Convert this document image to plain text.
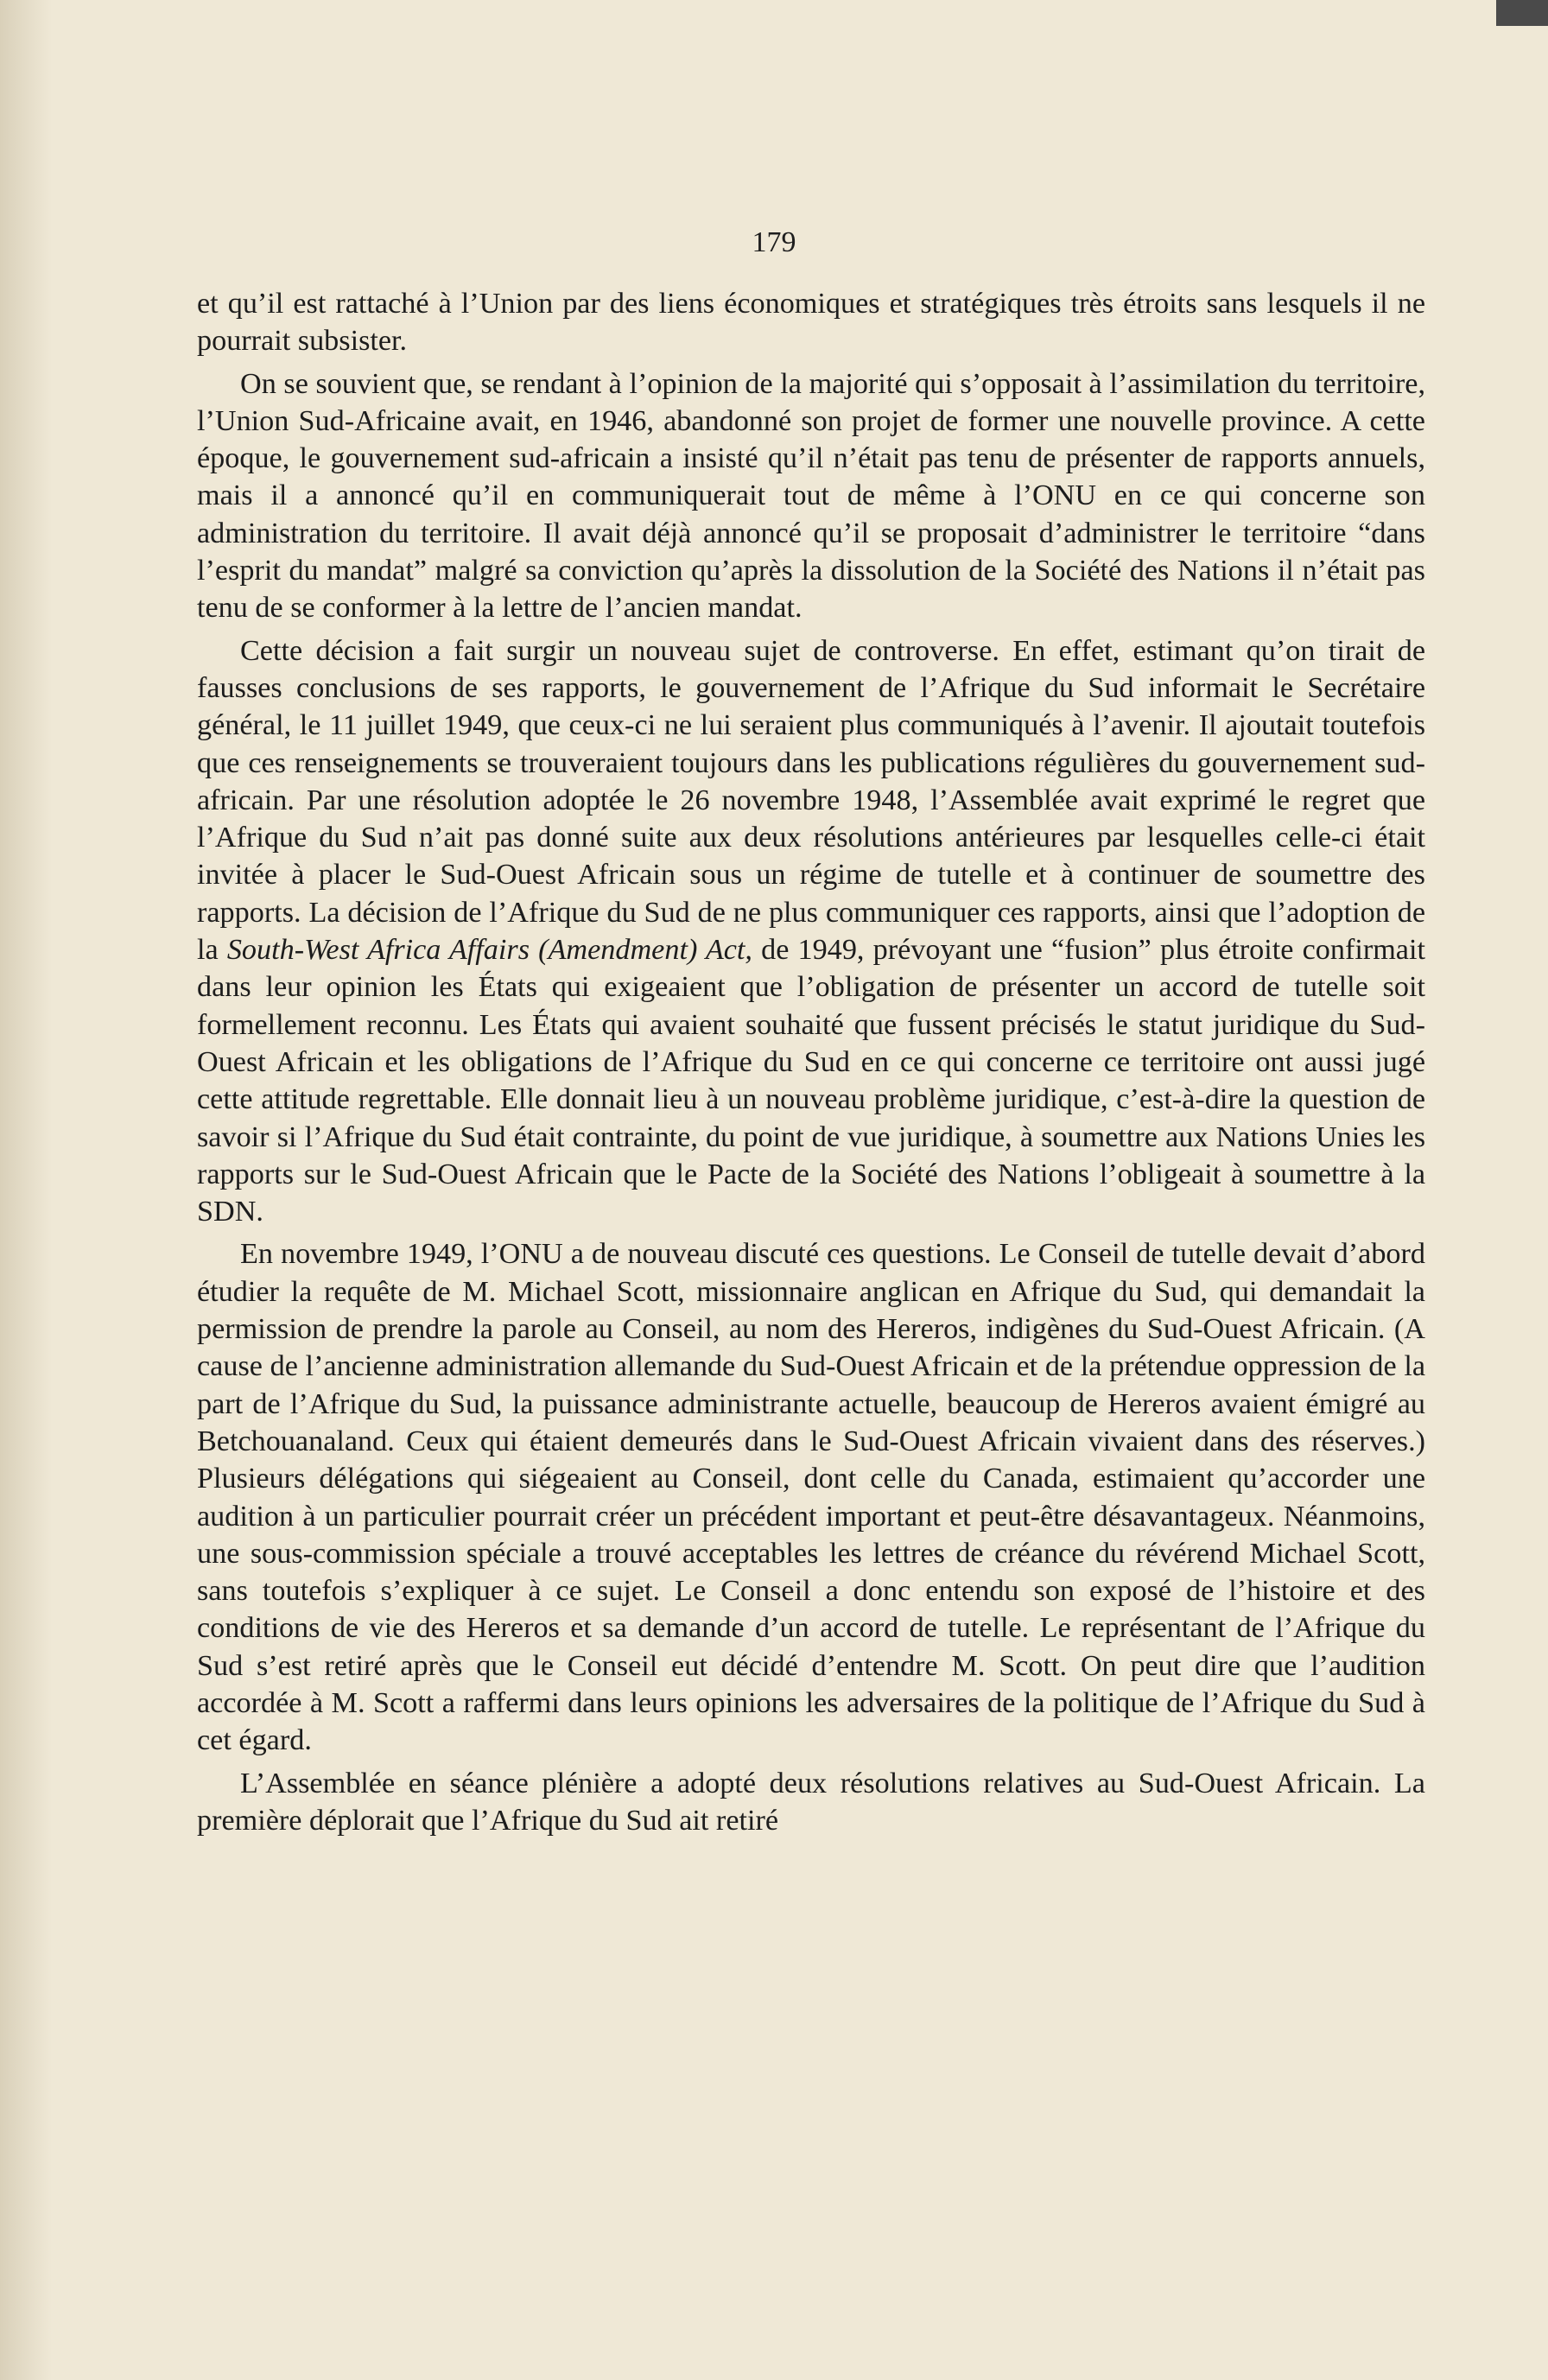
179

et qu’il est rattaché à l’Union par des liens économiques et stratégiques très étroits sans lesquels il ne pourrait subsister.

On se souvient que, se rendant à l’opinion de la majorité qui s’opposait à l’assimilation du territoire, l’Union Sud-Africaine avait, en 1946, abandonné son projet de former une nouvelle province. A cette époque, le gouvernement sud-africain a insisté qu’il n’était pas tenu de présenter de rapports annuels, mais il a annoncé qu’il en communiquerait tout de même à l’ONU en ce qui concerne son administration du territoire. Il avait déjà annoncé qu’il se proposait d’administrer le territoire “dans l’esprit du mandat” malgré sa conviction qu’après la dissolution de la Société des Nations il n’était pas tenu de se conformer à la lettre de l’ancien mandat.

Cette décision a fait surgir un nouveau sujet de controverse. En effet, estimant qu’on tirait de fausses conclusions de ses rapports, le gouvernement de l’Afrique du Sud informait le Secrétaire général, le 11 juillet 1949, que ceux-ci ne lui seraient plus communiqués à l’avenir. Il ajoutait toutefois que ces renseignements se trouveraient toujours dans les publications régulières du gouvernement sud-africain. Par une résolution adoptée le 26 novembre 1948, l’Assemblée avait exprimé le regret que l’Afrique du Sud n’ait pas donné suite aux deux résolutions antérieures par lesquelles celle-ci était invitée à placer le Sud-Ouest Africain sous un régime de tutelle et à continuer de soumettre des rapports. La décision de l’Afrique du Sud de ne plus communiquer ces rapports, ainsi que l’adoption de la South-West Africa Affairs (Amendment) Act, de 1949, prévoyant une “fusion” plus étroite confirmait dans leur opinion les États qui exigeaient que l’obligation de présenter un accord de tutelle soit formellement reconnu. Les États qui avaient souhaité que fussent précisés le statut juridique du Sud-Ouest Africain et les obligations de l’Afrique du Sud en ce qui concerne ce territoire ont aussi jugé cette attitude regrettable. Elle donnait lieu à un nouveau problème juridique, c’est-à-dire la question de savoir si l’Afrique du Sud était contrainte, du point de vue juridique, à soumettre aux Nations Unies les rapports sur le Sud-Ouest Africain que le Pacte de la Société des Nations l’obligeait à soumettre à la SDN.

En novembre 1949, l’ONU a de nouveau discuté ces questions. Le Conseil de tutelle devait d’abord étudier la requête de M. Michael Scott, missionnaire anglican en Afrique du Sud, qui demandait la permission de prendre la parole au Conseil, au nom des Hereros, indigènes du Sud-Ouest Africain. (A cause de l’ancienne administration allemande du Sud-Ouest Africain et de la prétendue oppression de la part de l’Afrique du Sud, la puissance administrante actuelle, beaucoup de Hereros avaient émigré au Betchouanaland. Ceux qui étaient demeurés dans le Sud-Ouest Africain vivaient dans des réserves.) Plusieurs délégations qui siégeaient au Conseil, dont celle du Canada, estimaient qu’accorder une audition à un particulier pourrait créer un précédent important et peut-être désavantageux. Néanmoins, une sous-commission spéciale a trouvé acceptables les lettres de créance du révérend Michael Scott, sans toutefois s’expliquer à ce sujet. Le Conseil a donc entendu son exposé de l’histoire et des conditions de vie des Hereros et sa demande d’un accord de tutelle. Le représentant de l’Afrique du Sud s’est retiré après que le Conseil eut décidé d’entendre M. Scott. On peut dire que l’audition accordée à M. Scott a raffermi dans leurs opinions les adversaires de la politique de l’Afrique du Sud à cet égard.

L’Assemblée en séance plénière a adopté deux résolutions relatives au Sud-Ouest Africain. La première déplorait que l’Afrique du Sud ait retiré
